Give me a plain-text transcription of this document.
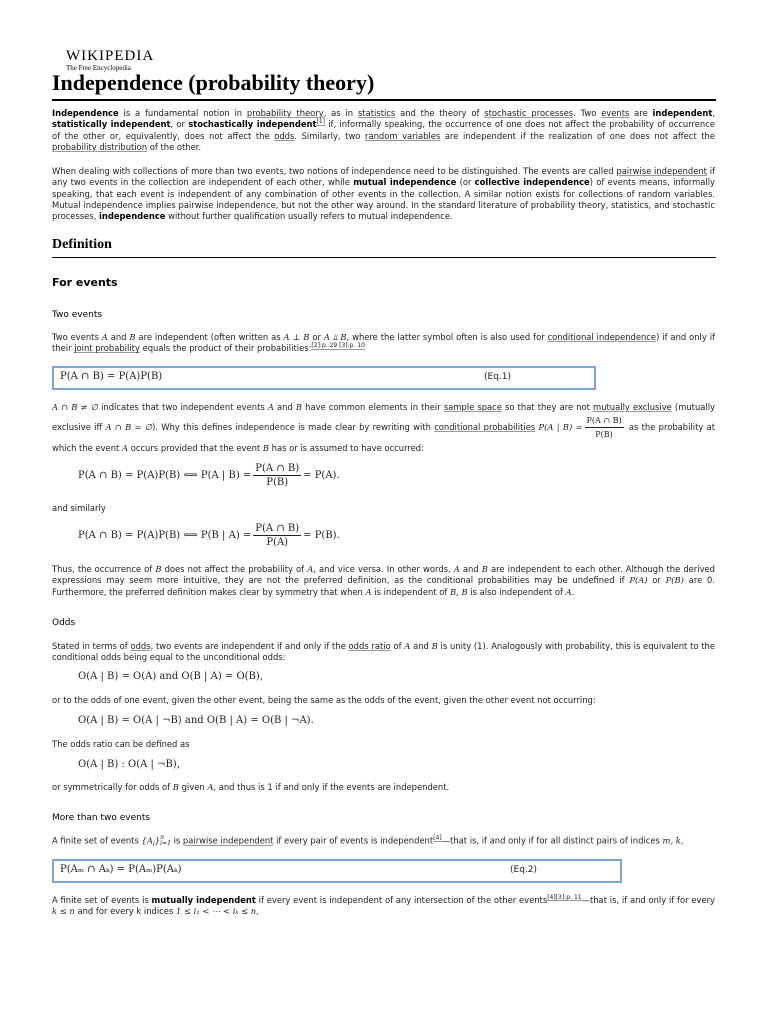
WIKIPEDIA
The Free Encyclopedia
Independence (probability theory)

Independence is a fundamental notion in probability theory, as in statistics and the theory of stochastic processes. Two events are independent, statistically independent, or stochastically independent[1] if, informally speaking, the occurrence of one does not affect the probability of occurrence of the other or, equivalently, does not affect the odds. Similarly, two random variables are independent if the realization of one does not affect the probability distribution of the other.

When dealing with collections of more than two events, two notions of independence need to be distinguished. The events are called pairwise independent if any two events in the collection are independent of each other, while mutual independence (or collective independence) of events means, informally speaking, that each event is independent of any combination of other events in the collection. A similar notion exists for collections of random variables. Mutual independence implies pairwise independence, but not the other way around. In the standard literature of probability theory, statistics, and stochastic processes, independence without further qualification usually refers to mutual independence.

Definition
For events
Two events

Two events A and B are independent (often written as A ⊥ B or A ⫫ B, where the latter symbol often is also used for conditional independence) if and only if their joint probability equals the product of their probabilities:$^{[2]:p. 29 [3]:p. 10}$

P(A ∩ B) = P(A)P(B)	(Eq.1)

A ∩ B ≠ ∅ indicates that two independent events A and B have common elements in their sample space so that they are not mutually exclusive (mutually exclusive iff A ∩ B = ∅). Why this defines independence is made clear by rewriting with conditional probabilities P(A | $B) = \frac{P(A \cap B)}{P(B)}$ as the probability at which the event A occurs provided that the event B has or is assumed to have occurred:

P(A ∩ B) = P(A)P(B) ⟺ P(A | $B) = \frac{P(A \cap B)}{P(B)} = P(A)$.

and similarly

P(A ∩ B) = P(A)P(B) ⟺ P(B | $A) = \frac{P(A \cap B)}{P(A)} = P(B)$.

Thus, the occurrence of B does not affect the probability of A, and vice versa. In other words, A and B are independent to each other. Although the derived expressions may seem more intuitive, they are not the preferred definition, as the conditional probabilities may be undefined if P(A) or P(B) are 0. Furthermore, the preferred definition makes clear by symmetry that when A is independent of B, B is also independent of A.

Odds

Stated in terms of odds, two events are independent if and only if the odds ratio of A and B is unity (1). Analogously with probability, this is equivalent to the conditional odds being equal to the unconditional odds:

O(A | B) = O(A) and O(B | A) = O(B),

or to the odds of one event, given the other event, being the same as the odds of the event, given the other event not occurring:

O(A | B) = O(A | ¬B) and O(B | A) = O(B | ¬A).

The odds ratio can be defined as

O(A | B) : O(A | ¬B),

or symmetrically for odds of B given A, and thus is 1 if and only if the events are independent.

More than two events

A finite set of events $\{A_i\}$ n
i=1 is pairwise independent if every pair of events is independent[4]—that is, if and only if for all distinct pairs of indices m, k,

P(Aₘ ∩ Aₖ) = P(Aₘ)P(Aₖ)	(Eq.2)

A finite set of events is mutually independent if every event is independent of any intersection of the other events$^{[4][3]:p. 11}$—that is, if and only if for every k ≤ n and for every k indices 1 ≤ i₁ < ⋯ < iₖ ≤ n,
